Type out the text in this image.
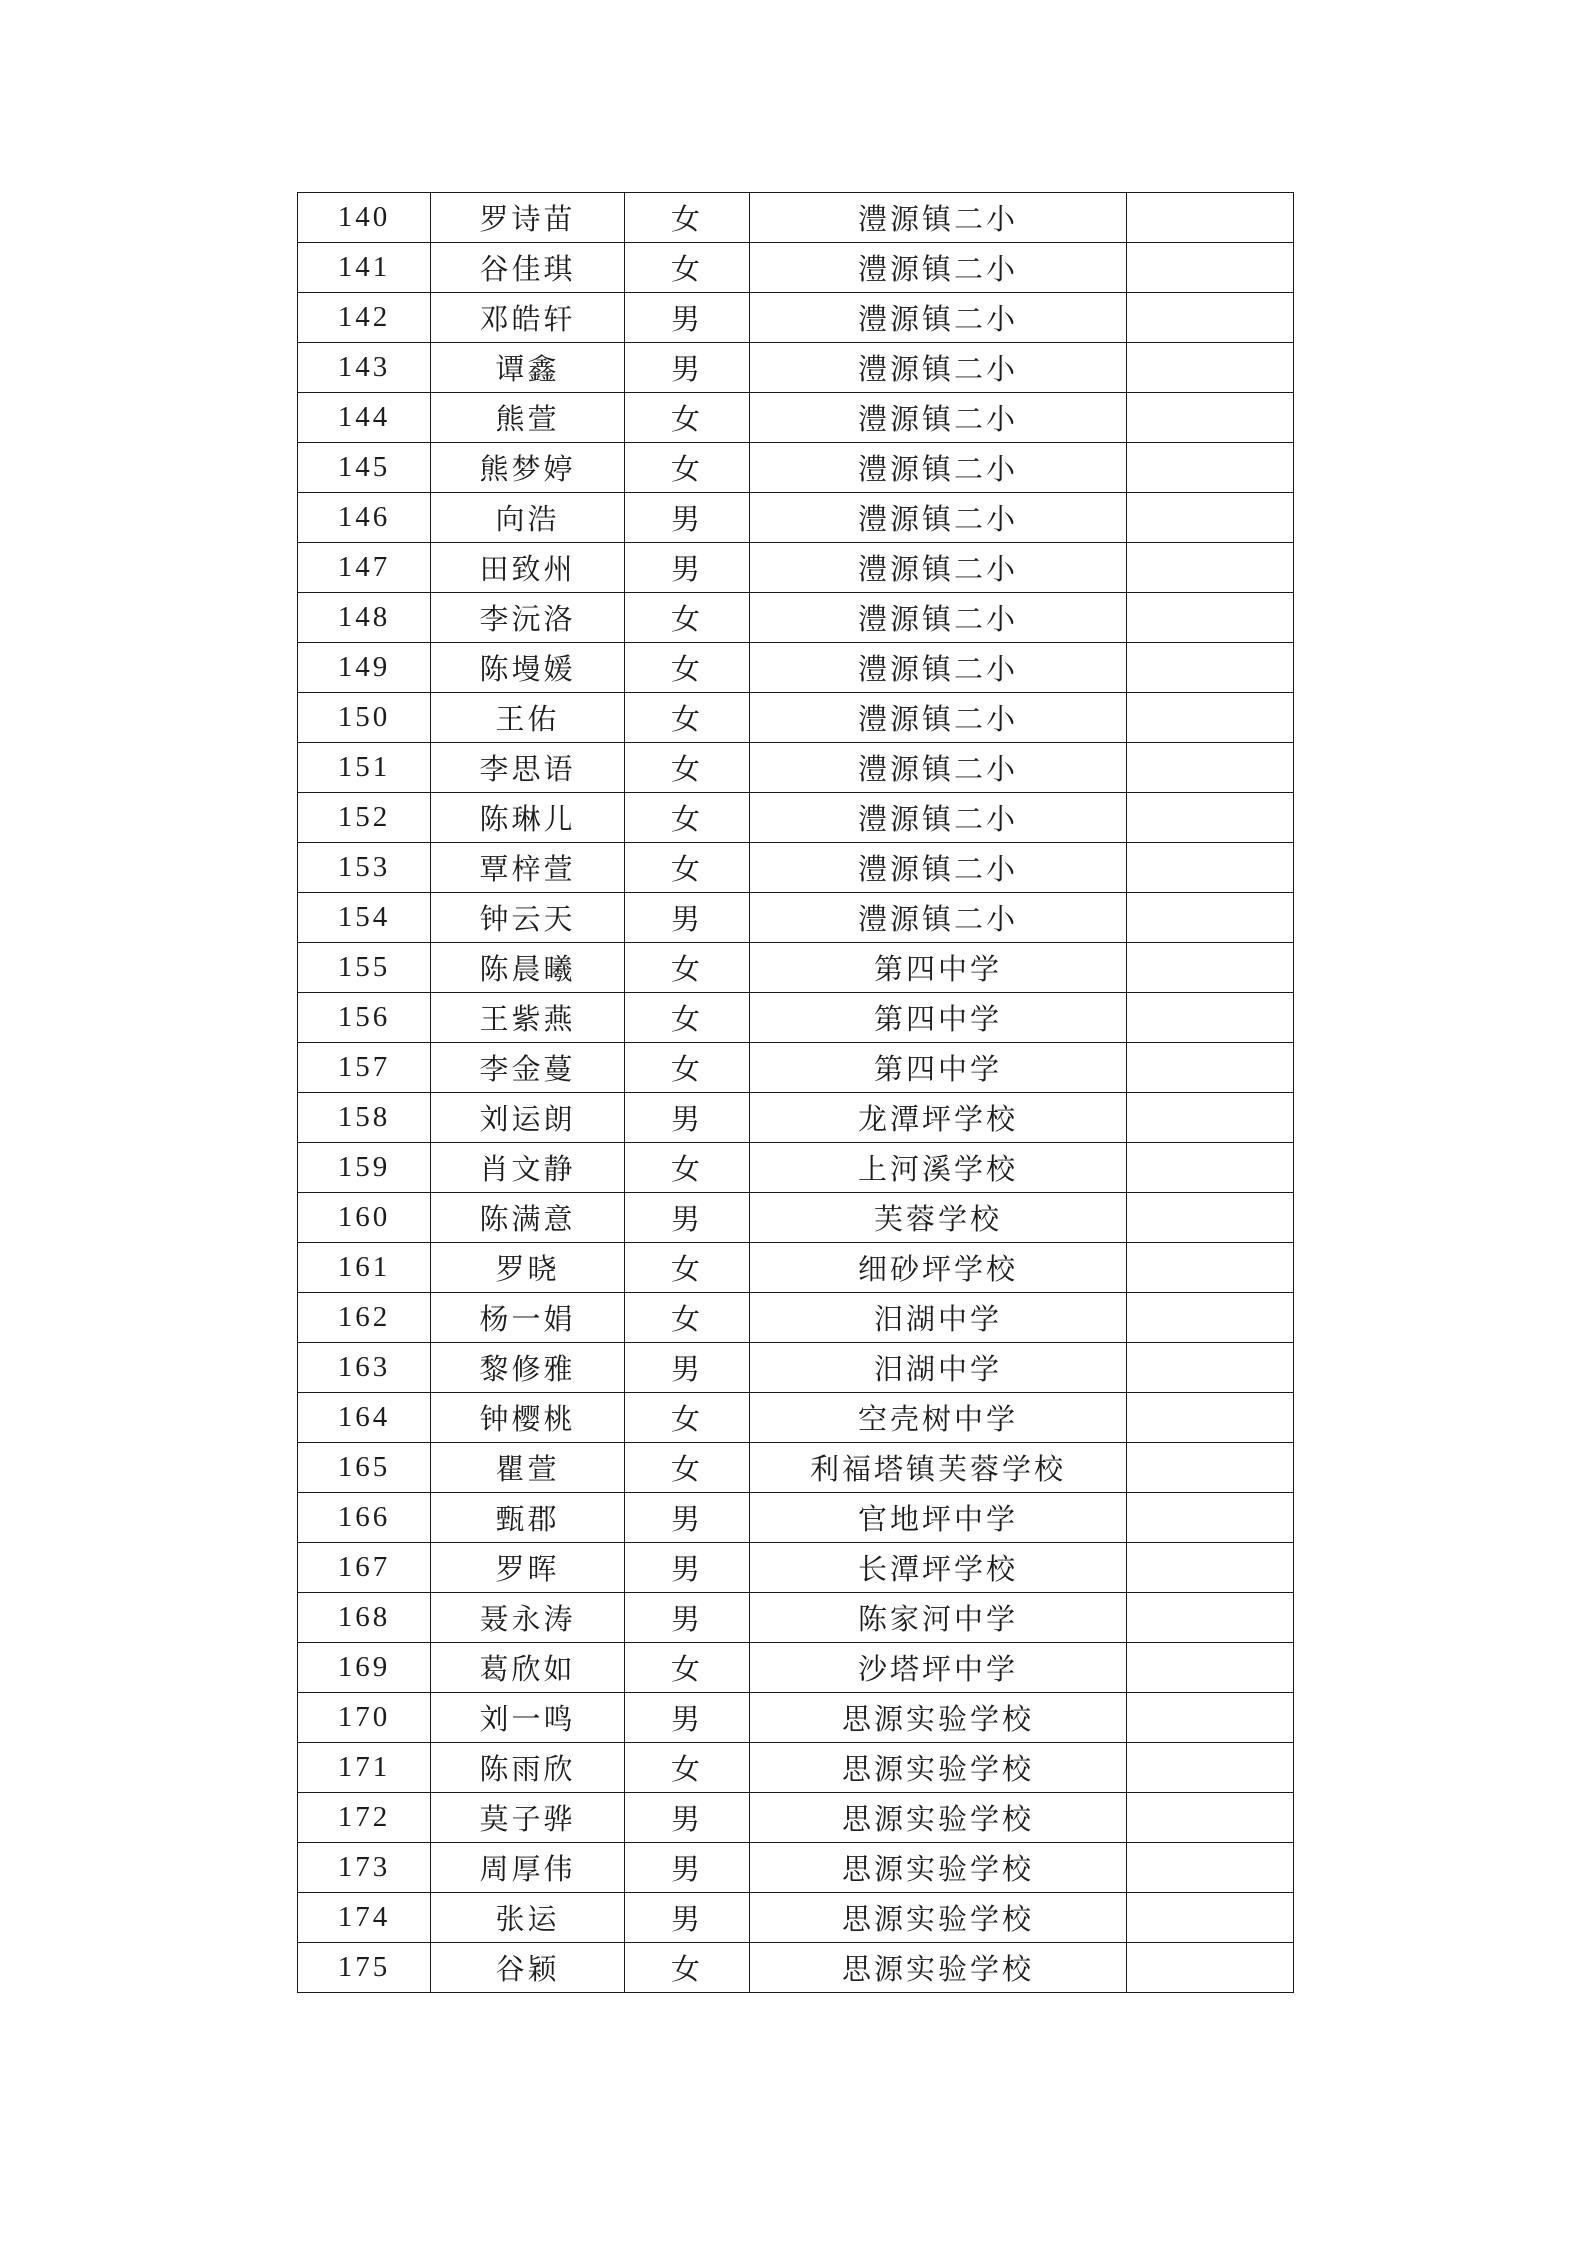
140	罗诗苗	女	澧源镇二小	
141	谷佳琪	女	澧源镇二小	
142	邓皓轩	男	澧源镇二小	
143	谭鑫	男	澧源镇二小	
144	熊萱	女	澧源镇二小	
145	熊梦婷	女	澧源镇二小	
146	向浩	男	澧源镇二小	
147	田致州	男	澧源镇二小	
148	李沅洛	女	澧源镇二小	
149	陈墁媛	女	澧源镇二小	
150	王佑	女	澧源镇二小	
151	李思语	女	澧源镇二小	
152	陈琳儿	女	澧源镇二小	
153	覃梓萱	女	澧源镇二小	
154	钟云天	男	澧源镇二小	
155	陈晨曦	女	第四中学	
156	王紫燕	女	第四中学	
157	李金蔓	女	第四中学	
158	刘运朗	男	龙潭坪学校	
159	肖文静	女	上河溪学校	
160	陈满意	男	芙蓉学校	
161	罗晓	女	细砂坪学校	
162	杨一娟	女	汨湖中学	
163	黎修雅	男	汨湖中学	
164	钟樱桃	女	空壳树中学	
165	瞿萱	女	利福塔镇芙蓉学校	
166	甄郡	男	官地坪中学	
167	罗晖	男	长潭坪学校	
168	聂永涛	男	陈家河中学	
169	葛欣如	女	沙塔坪中学	
170	刘一鸣	男	思源实验学校	
171	陈雨欣	女	思源实验学校	
172	莫子骅	男	思源实验学校	
173	周厚伟	男	思源实验学校	
174	张运	男	思源实验学校	
175	谷颖	女	思源实验学校	
